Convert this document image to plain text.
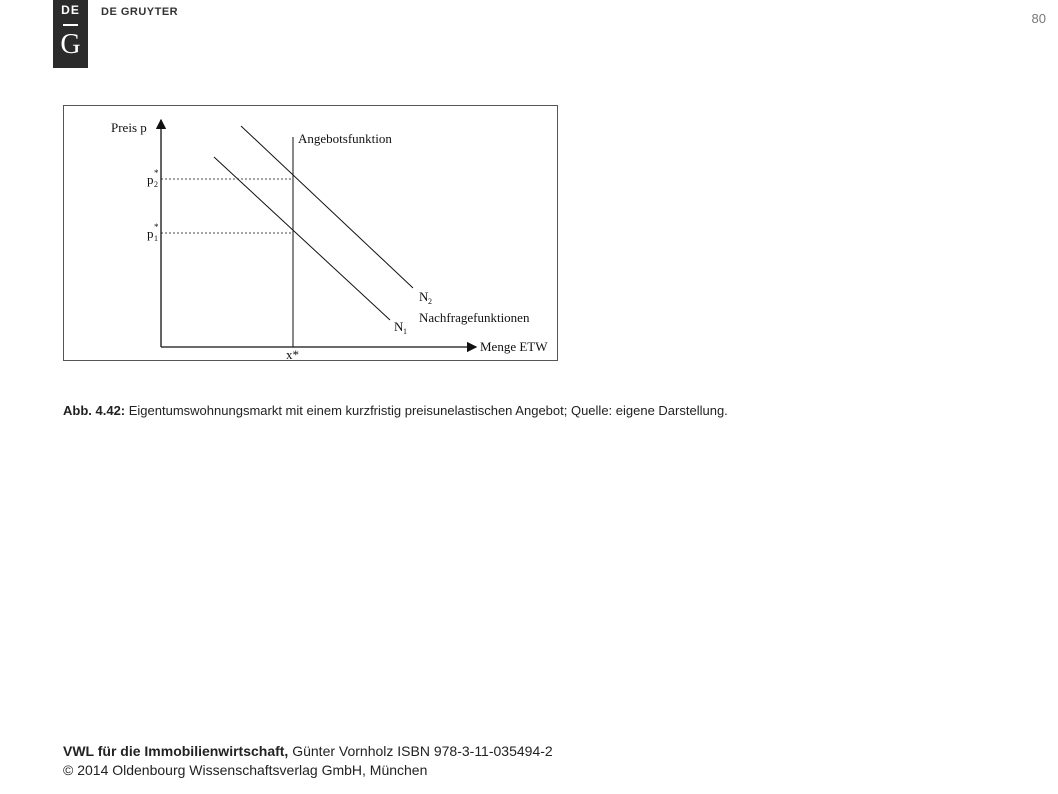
DE
G
DE GRUYTER	80
Preis p
Menge ETW
Angebotsfunktion
Nachfragefunktionen
x*
N 2
N 1
p 2
*
p 1
*
Abb. 4.42: Eigentumswohnungsmarkt mit einem kurzfristig preisunelastischen Angebot; Quelle: eigene Darstellung.
VWL für die Immobilienwirtschaft, Günter Vornholz ISBN 978-3-11-035494-2
© 2014 Oldenbourg Wissenschaftsverlag GmbH, München
